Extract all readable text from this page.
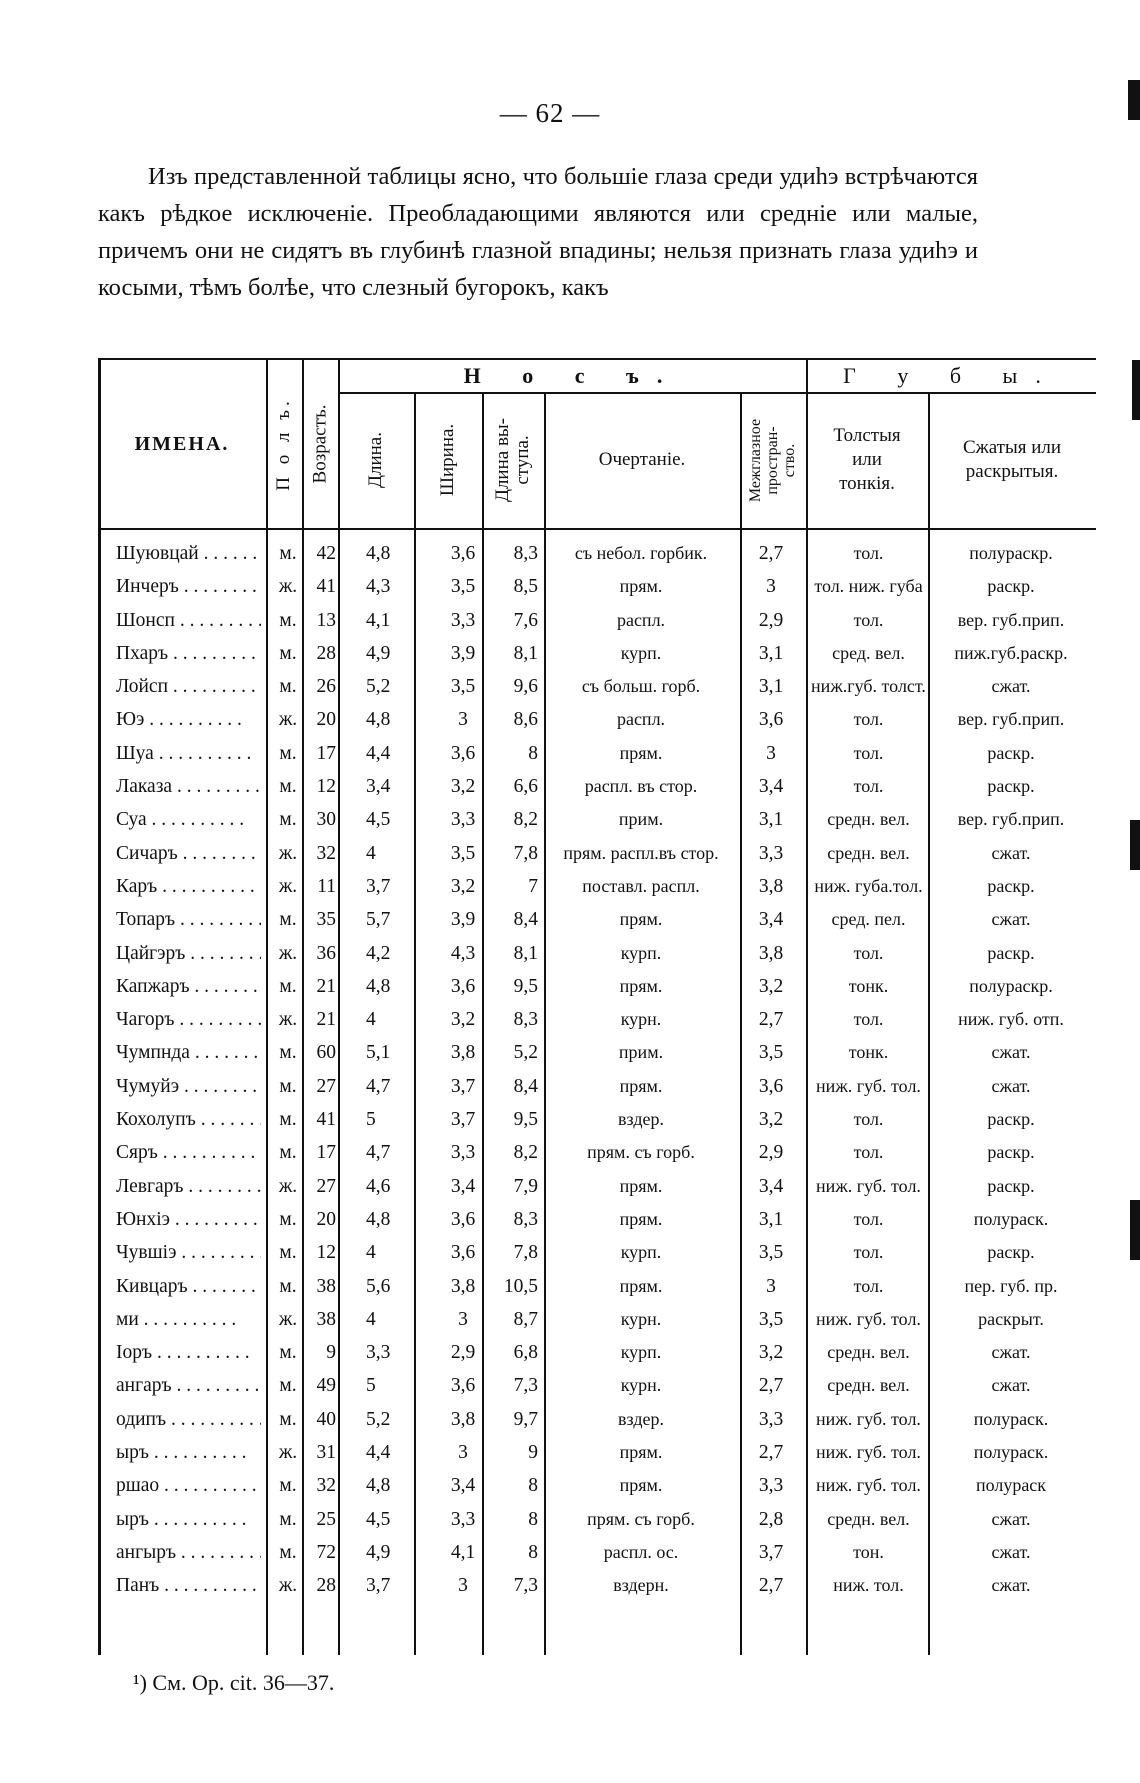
— 62 —

Изъ представленной таблицы ясно, что большіе глаза среди удиһэ встрѣчаются какъ рѣдкое исключеніе. Преобладающими являются или средніе или малые, причемъ они не сидятъ въ глубинѣ глазной впадины; нельзя признать глаза удиһэ и косыми, тѣмъ болѣе, что слезный бугорокъ, какъ

ИМЕНА.	П о л ъ. Возрастъ.
Н о с ъ.
Длина.	Ширина. Длина вы-
ступа.	Очертаніе.	Межглазное
простран-
ство.
Г у б ы.
Толстыя
или
тонкія.
Сжатыя или
раскрытыя.
Шуювцай . . .	м.	42 4,8	3,6	8,3	съ небол. горбик.	2,7	тол.	полураскр.
Инчеръ . . .	ж. 41 4,3	3,5	8,5	прям.	3	тол. ниж. губа	раскр.
Шонсп . . .	м.	13 4,1	3,3	7,6	распл.	2,9	тол.	вер. губ.прип.
Пхаръ . . .	м.	28 4,9	3,9	8,1	курп.	3,1	сред. вел.	пиж.губ.раскр.
Лойсп . . .	м.	26 5,2	3,5	9,6	съ больш. горб.	3,1	ниж.губ. толст.	сжат.
Юэ . . .	ж. 20 4,8	3	8,6	распл.	3,6	тол.	вер. губ.прип.
Шуа . . .	м.	17 4,4	3,6	8	прям.	3	тол.	раскр.
Лаказа . . .	м.	12 3,4	3,2	6,6	распл. въ стор.	3,4	тол.	раскр.
Суа . . .	м.	30 4,5	3,3	8,2	прим.	3,1	средн. вел.	вер. губ.прип.
Сичаръ . . .	ж. 32 4	3,5	7,8	прям. распл.въ стор.	3,3	средн. вел.	сжат.
Каръ . . .	ж.	11 3,7	3,2	7	поставл. распл.	3,8	ниж. губа.тол.	раскр.
Топаръ . . .	м.	35 5,7	3,9	8,4	прям.	3,4	сред. пел.	сжат.
Цайгэръ . . .	ж. 36 4,2	4,3	8,1	курп.	3,8	тол.	раскр.
Капжаръ . . .	м.	21 4,8	3,6	9,5	прям.	3,2	тонк.	полураскр.
Чагоръ . . .	ж. 21 4	3,2	8,3	курн.	2,7	тол.	ниж. губ. отп.
Чумпнда . . .	м.	60 5,1	3,8	5,2	прим.	3,5	тонк.	сжат.
Чумуйэ . . .	м.	27 4,7	3,7	8,4	прям.	3,6	ниж. губ. тол.	сжат.
Кохолупъ . . .	м.	41 5	3,7	9,5	вздер.	3,2	тол.	раскр.
Сяръ . . .	м.	17 4,7	3,3	8,2	прям. съ горб.	2,9	тол.	раскр.
Левгаръ . . .	ж. 27 4,6	3,4	7,9	прям.	3,4	ниж. губ. тол.	раскр.
Юнхіэ . . .	м.	20 4,8	3,6	8,3	прям.	3,1	тол.	полураск.
Чувшіэ . . .	м.	12 4	3,6	7,8	курп.	3,5	тол.	раскр.
Кивцаръ . . .	м.	38 5,6	3,8	10,5	прям.	3	тол.	пер. губ. пр.
ми . . .	ж. 38 4	3	8,7	курн.	3,5	ниж. губ. тол.	раскрыт.
Іоръ . . .	м.	9 3,3	2,9	6,8	курп.	3,2	средн. вел.	сжат.
ангаръ . . .	м.	49 5	3,6	7,3	курн.	2,7	средн. вел.	сжат.
одипъ . . .	м.	40 5,2	3,8	9,7	вздер.	3,3	ниж. губ. тол.	полураск.
ыръ . . .	ж. 31 4,4	3	9	прям.	2,7	ниж. губ. тол.	полураск.
ршао . . .	м.	32 4,8	3,4	8	прям.	3,3	ниж. губ. тол.	полураск
ыръ . . .	м.	25 4,5	3,3	8	прям. съ горб.	2,8	средн. вел.	сжат.
ангыръ . . .	м.	72 4,9	4,1	8	распл. ос.	3,7	тон.	сжат.
Панъ . . .	ж. 28 3,7	3	7,3	вздерн.	2,7	ниж. тол.	сжат.
¹) См. Op. cit. 36—37.
